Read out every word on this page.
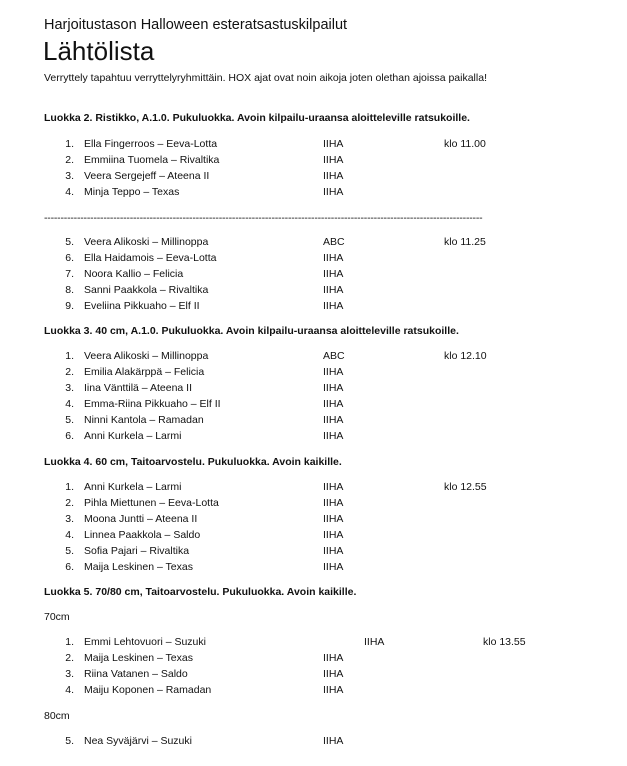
Harjoitustason Halloween esteratsastuskilpailut
Lähtölista
Verryttely tapahtuu verryttelyryhmittäin. HOX ajat ovat noin aikoja joten olethan ajoissa paikalla!
Luokka 2. Ristikko, A.1.0. Pukuluokka. Avoin kilpailu-uraansa aloitteleville ratsukoille.
1. Ella Fingerroos – Eeva-Lotta	IIHA	klo 11.00
2. Emmiina Tuomela – Rivaltika	IIHA
3. Veera Sergejeff – Ateena II	IIHA
4. Minja Teppo – Texas	IIHA
-------------------------------------------------------------------------------------------------------------------------------------
5. Veera Alikoski – Millinoppa	ABC	klo 11.25
6. Ella Haidamois – Eeva-Lotta	IIHA
7. Noora Kallio – Felicia	IIHA
8. Sanni Paakkola – Rivaltika	IIHA
9. Eveliina Pikkuaho – Elf II	IIHA
Luokka 3. 40 cm, A.1.0. Pukuluokka. Avoin kilpailu-uraansa aloitteleville ratsukoille.
1. Veera Alikoski – Millinoppa	ABC	klo 12.10
2. Emilia Alakärppä – Felicia	IIHA
3. Iina Vänttilä – Ateena II	IIHA
4. Emma-Riina Pikkuaho – Elf II	IIHA
5. Ninni Kantola – Ramadan	IIHA
6. Anni Kurkela – Larmi	IIHA
Luokka 4. 60 cm, Taitoarvostelu. Pukuluokka. Avoin kaikille.
1. Anni Kurkela – Larmi	IIHA	klo 12.55
2. Pihla Miettunen – Eeva-Lotta	IIHA
3. Moona Juntti – Ateena II	IIHA
4. Linnea Paakkola – Saldo	IIHA
5. Sofia Pajari – Rivaltika	IIHA
6. Maija Leskinen – Texas	IIHA
Luokka 5. 70/80 cm, Taitoarvostelu. Pukuluokka. Avoin kaikille.
70cm
1. Emmi Lehtovuori – Suzuki	IIHA	klo 13.55
2. Maija Leskinen – Texas	IIHA
3. Riina Vatanen – Saldo	IIHA
4. Maiju Koponen – Ramadan	IIHA
80cm
5. Nea Syväjärvi – Suzuki	IIHA
